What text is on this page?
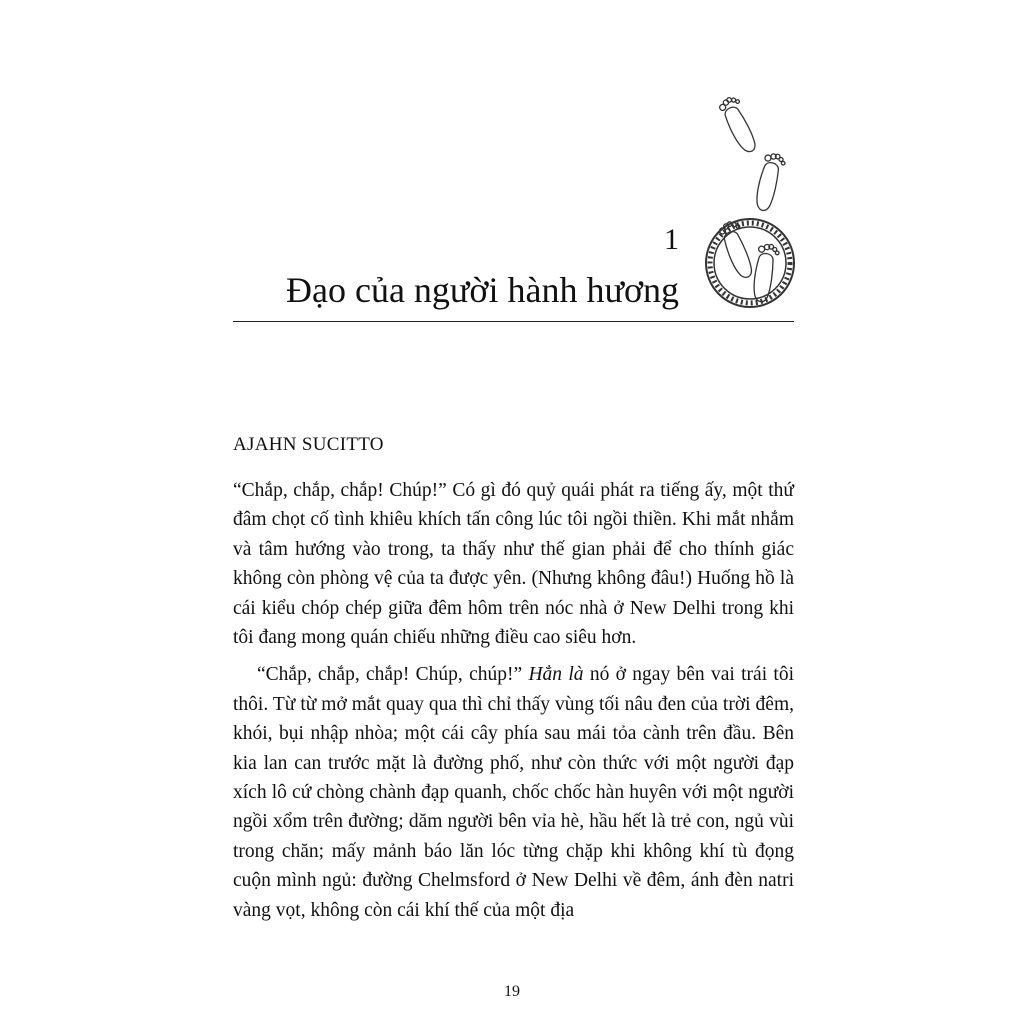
1
Đạo của người hành hương
AJAHN SUCITTO

“Chắp, chắp, chắp! Chúp!” Có gì đó quỷ quái phát ra tiếng ấy, một thứ đâm chọt cố tình khiêu khích tấn công lúc tôi ngồi thiền. Khi mắt nhắm và tâm hướng vào trong, ta thấy như thế gian phải để cho thính giác không còn phòng vệ của ta được yên. (Nhưng không đâu!) Huống hồ là cái kiểu chóp chép giữa đêm hôm trên nóc nhà ở New Delhi trong khi tôi đang mong quán chiếu những điều cao siêu hơn.

“Chắp, chắp, chắp! Chúp, chúp!” Hẳn là nó ở ngay bên vai trái tôi thôi. Từ từ mở mắt quay qua thì chỉ thấy vùng tối nâu đen của trời đêm, khói, bụi nhập nhòa; một cái cây phía sau mái tỏa cành trên đầu. Bên kia lan can trước mặt là đường phố, như còn thức với một người đạp xích lô cứ chòng chành đạp quanh, chốc chốc hàn huyên với một người ngồi xổm trên đường; dăm người bên vỉa hè, hầu hết là trẻ con, ngủ vùi trong chăn; mấy mảnh báo lăn lóc từng chặp khi không khí tù đọng cuộn mình ngủ: đường Chelmsford ở New Delhi về đêm, ánh đèn natri vàng vọt, không còn cái khí thế của một địa

19
